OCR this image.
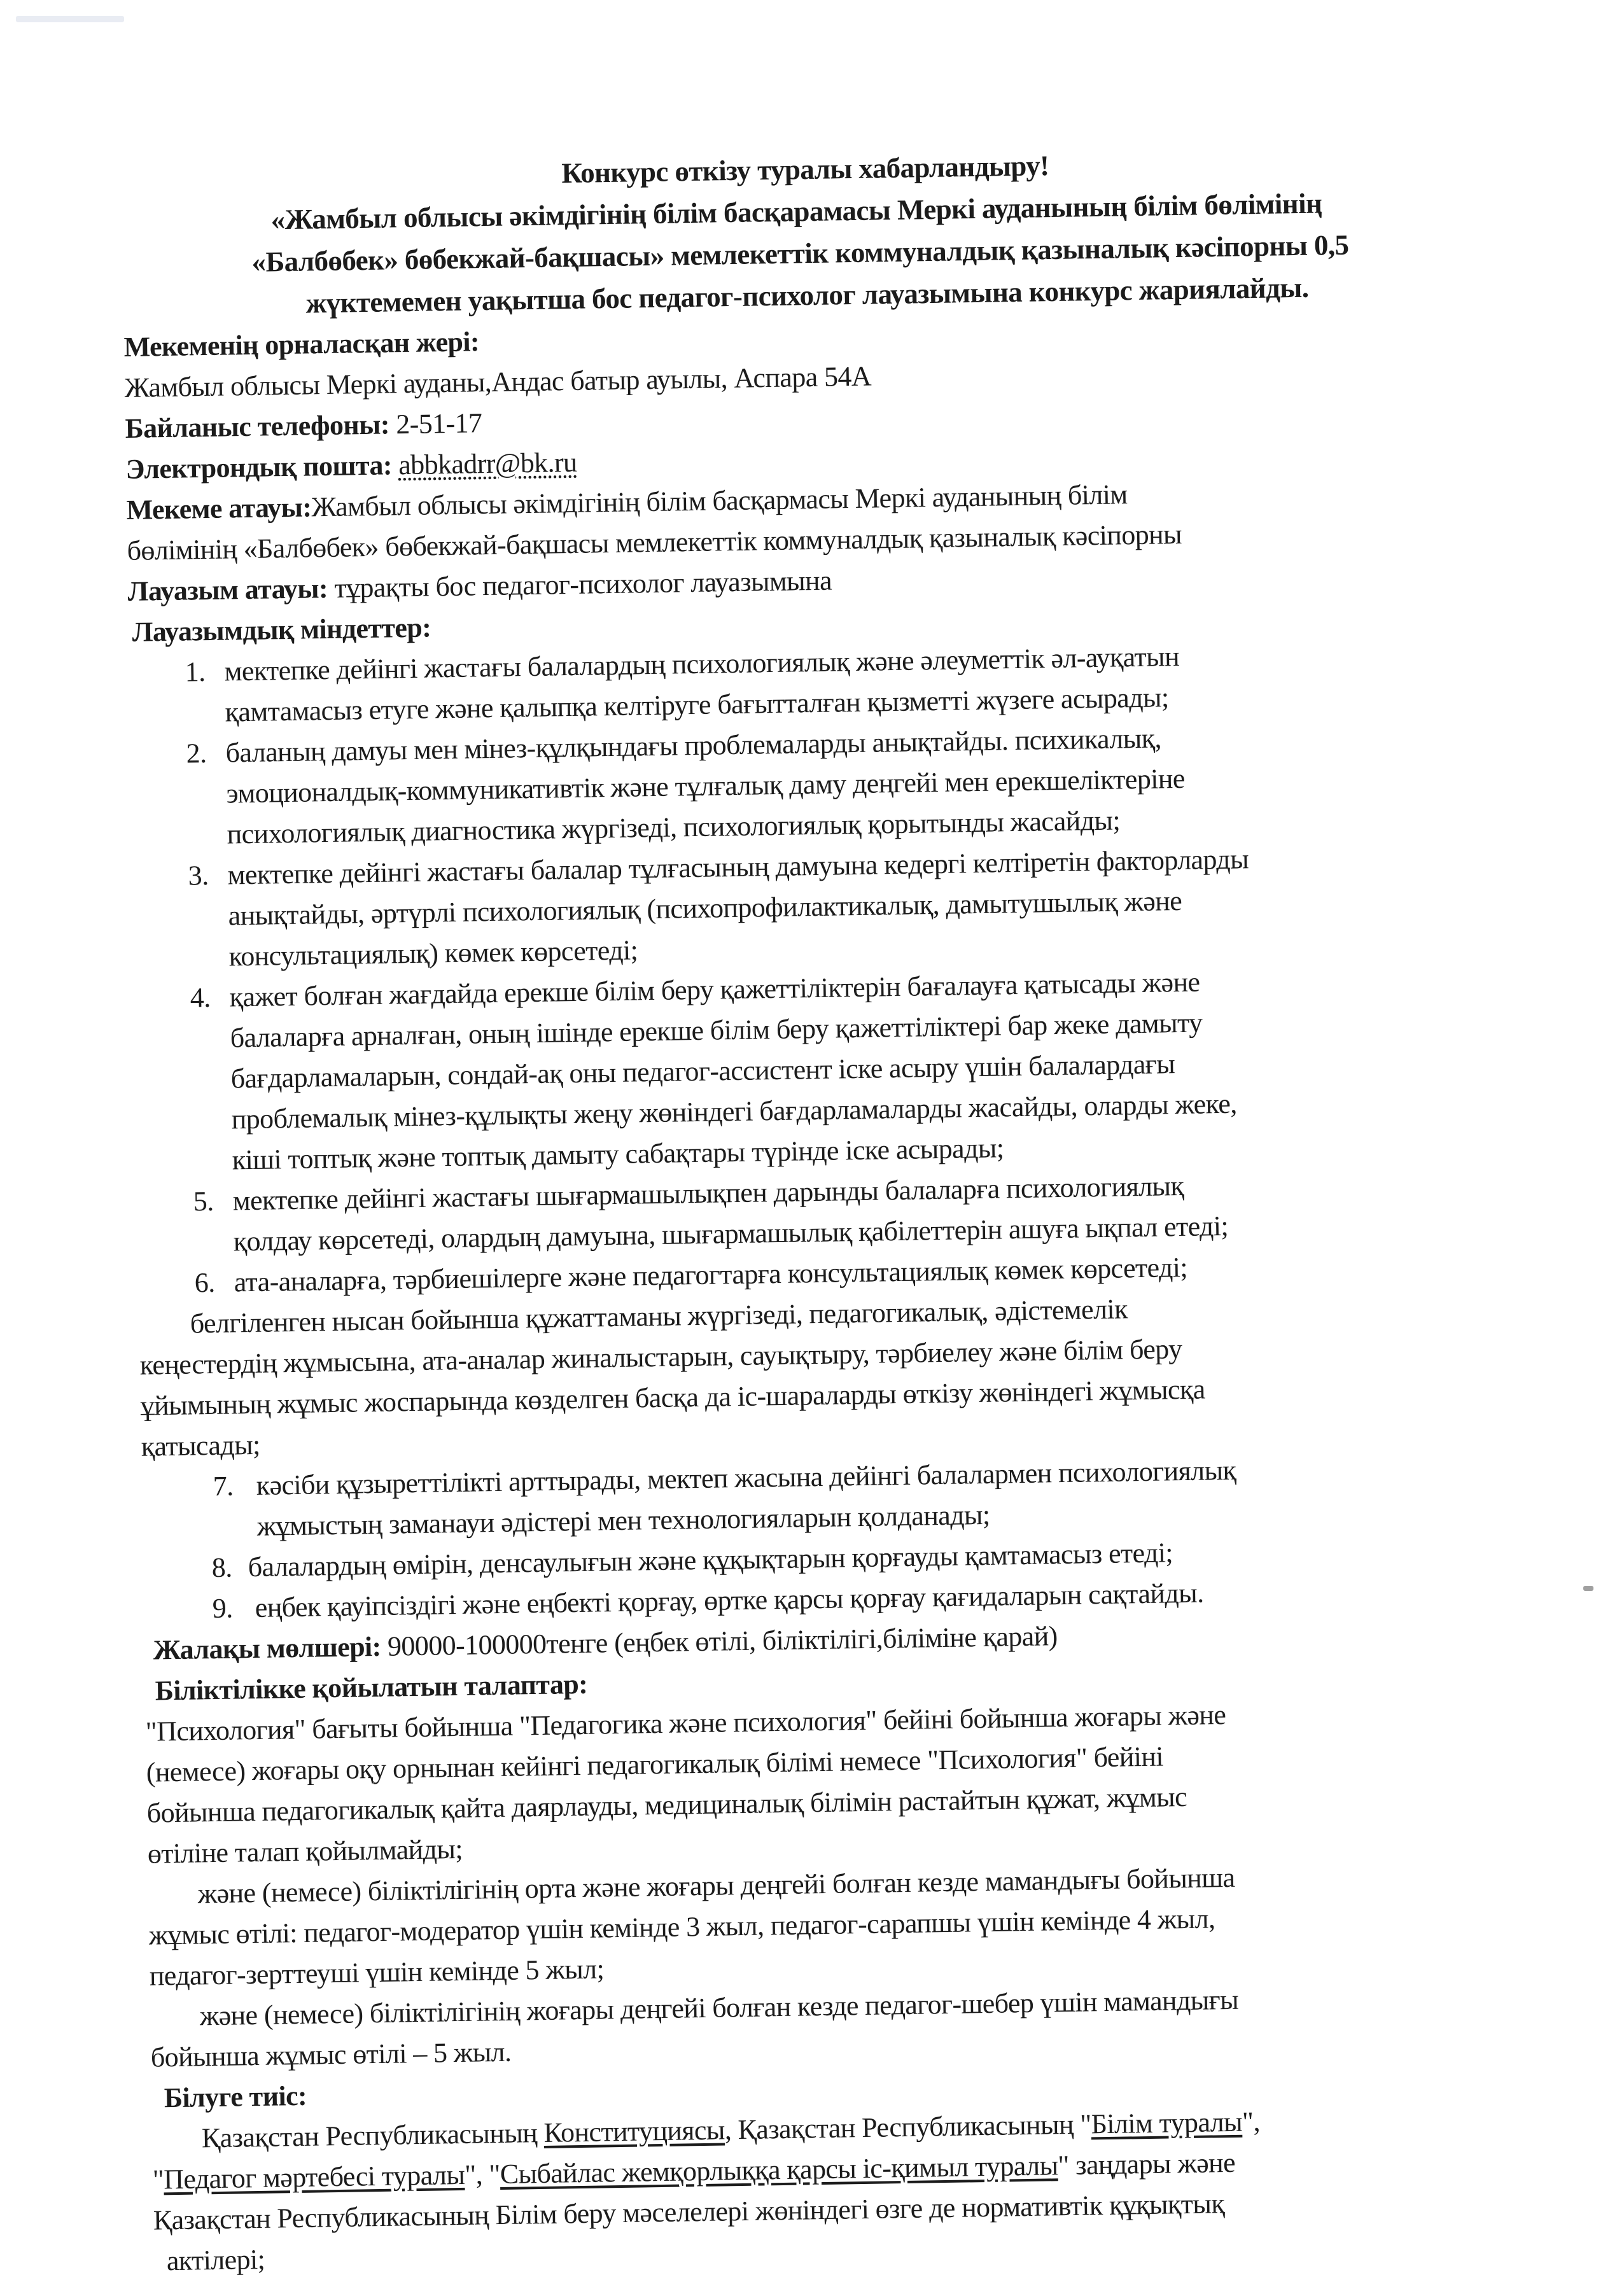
Конкурс өткізу туралы хабарландыру!
«Жамбыл облысы әкімдігінің білім басқарамасы Меркі ауданының білім бөлімінің
«Балбөбек» бөбекжай-бақшасы» мемлекеттік коммуналдық қазыналық кәсіпорны 0,5
жүктемемен уақытша бос педагог-психолог лауазымына конкурс жариялайды.
Мекеменің орналасқан жері:
Жамбыл облысы Меркі ауданы,Андас батыр ауылы, Аспара 54А
Байланыс телефоны: 2-51-17
Электрондық пошта: abbkadrr@bk.ru
Мекеме атауы:Жамбыл облысы әкімдігінің білім басқармасы Меркі ауданының білім
бөлімінің «Балбөбек» бөбекжай-бақшасы мемлекеттік коммуналдық қазыналық кәсіпорны
Лауазым атауы: тұрақты бос педагог-психолог лауазымына
Лауазымдық міндеттер:
1. мектепке дейінгі жастағы балалардың психологиялық және әлеуметтік әл-ауқатын
қамтамасыз етуге және қалыпқа келтіруге бағытталған қызметті жүзеге асырады;
2. баланың дамуы мен мінез-құлқындағы проблемаларды анықтайды. психикалық,
эмоционалдық-коммуникативтік және тұлғалық даму деңгейі мен ерекшеліктеріне
психологиялық диагностика жүргізеді, психологиялық қорытынды жасайды;
3. мектепке дейінгі жастағы балалар тұлғасының дамуына кедергі келтіретін факторларды
анықтайды, әртүрлі психологиялық (психопрофилактикалық, дамытушылық және
консультациялық) көмек көрсетеді;
4. қажет болған жағдайда ерекше білім беру қажеттіліктерін бағалауға қатысады және
балаларға арналған, оның ішінде ерекше білім беру қажеттіліктері бар жеке дамыту
бағдарламаларын, сондай-ақ оны педагог-ассистент іске асыру үшін балалардағы
проблемалық мінез-құлықты жеңу жөніндегі бағдарламаларды жасайды, оларды жеке,
кіші топтық және топтық дамыту сабақтары түрінде іске асырады;
5. мектепке дейінгі жастағы шығармашылықпен дарынды балаларға психологиялық
қолдау көрсетеді, олардың дамуына, шығармашылық қабілеттерін ашуға ықпал етеді;
6. ата-аналарға, тәрбиешілерге және педагогтарға консультациялық көмек көрсетеді;
белгіленген нысан бойынша құжаттаманы жүргізеді, педагогикалық, әдістемелік
кеңестердің жұмысына, ата-аналар жиналыстарын, сауықтыру, тәрбиелеу және білім беру
ұйымының жұмыс жоспарында көзделген басқа да іс-шараларды өткізу жөніндегі жұмысқа
қатысады;
7. кәсіби құзыреттілікті арттырады, мектеп жасына дейінгі балалармен психологиялық
жұмыстың заманауи әдістері мен технологияларын қолданады;
8. балалардың өмірін, денсаулығын және құқықтарын қорғауды қамтамасыз етеді;
9. еңбек қауіпсіздігі және еңбекті қорғау, өртке қарсы қорғау қағидаларын сақтайды.
Жалақы мөлшері: 90000-100000тенге (еңбек өтілі, біліктілігі,біліміне қарай)
Біліктілікке қойылатын талаптар:
"Психология" бағыты бойынша "Педагогика және психология" бейіні бойынша жоғары және
(немесе) жоғары оқу орнынан кейінгі педагогикалық білімі немесе "Психология" бейіні
бойынша педагогикалық қайта даярлауды, медициналық білімін растайтын құжат, жұмыс
өтіліне талап қойылмайды;
және (немесе) біліктілігінің орта және жоғары деңгейі болған кезде мамандығы бойынша
жұмыс өтілі: педагог-модератор үшін кемінде 3 жыл, педагог-сарапшы үшін кемінде 4 жыл,
педагог-зерттеуші үшін кемінде 5 жыл;
және (немесе) біліктілігінің жоғары деңгейі болған кезде педагог-шебер үшін мамандығы
бойынша жұмыс өтілі – 5 жыл.
Білуге тиіс:
Қазақстан Республикасының Конституциясы, Қазақстан Республикасының "Білім туралы",
"Педагог мәртебесі туралы", "Сыбайлас жемқорлыққа қарсы іс-қимыл туралы" заңдары және
Қазақстан Республикасының Білім беру мәселелері жөніндегі өзге де нормативтік құқықтық
актілері;
